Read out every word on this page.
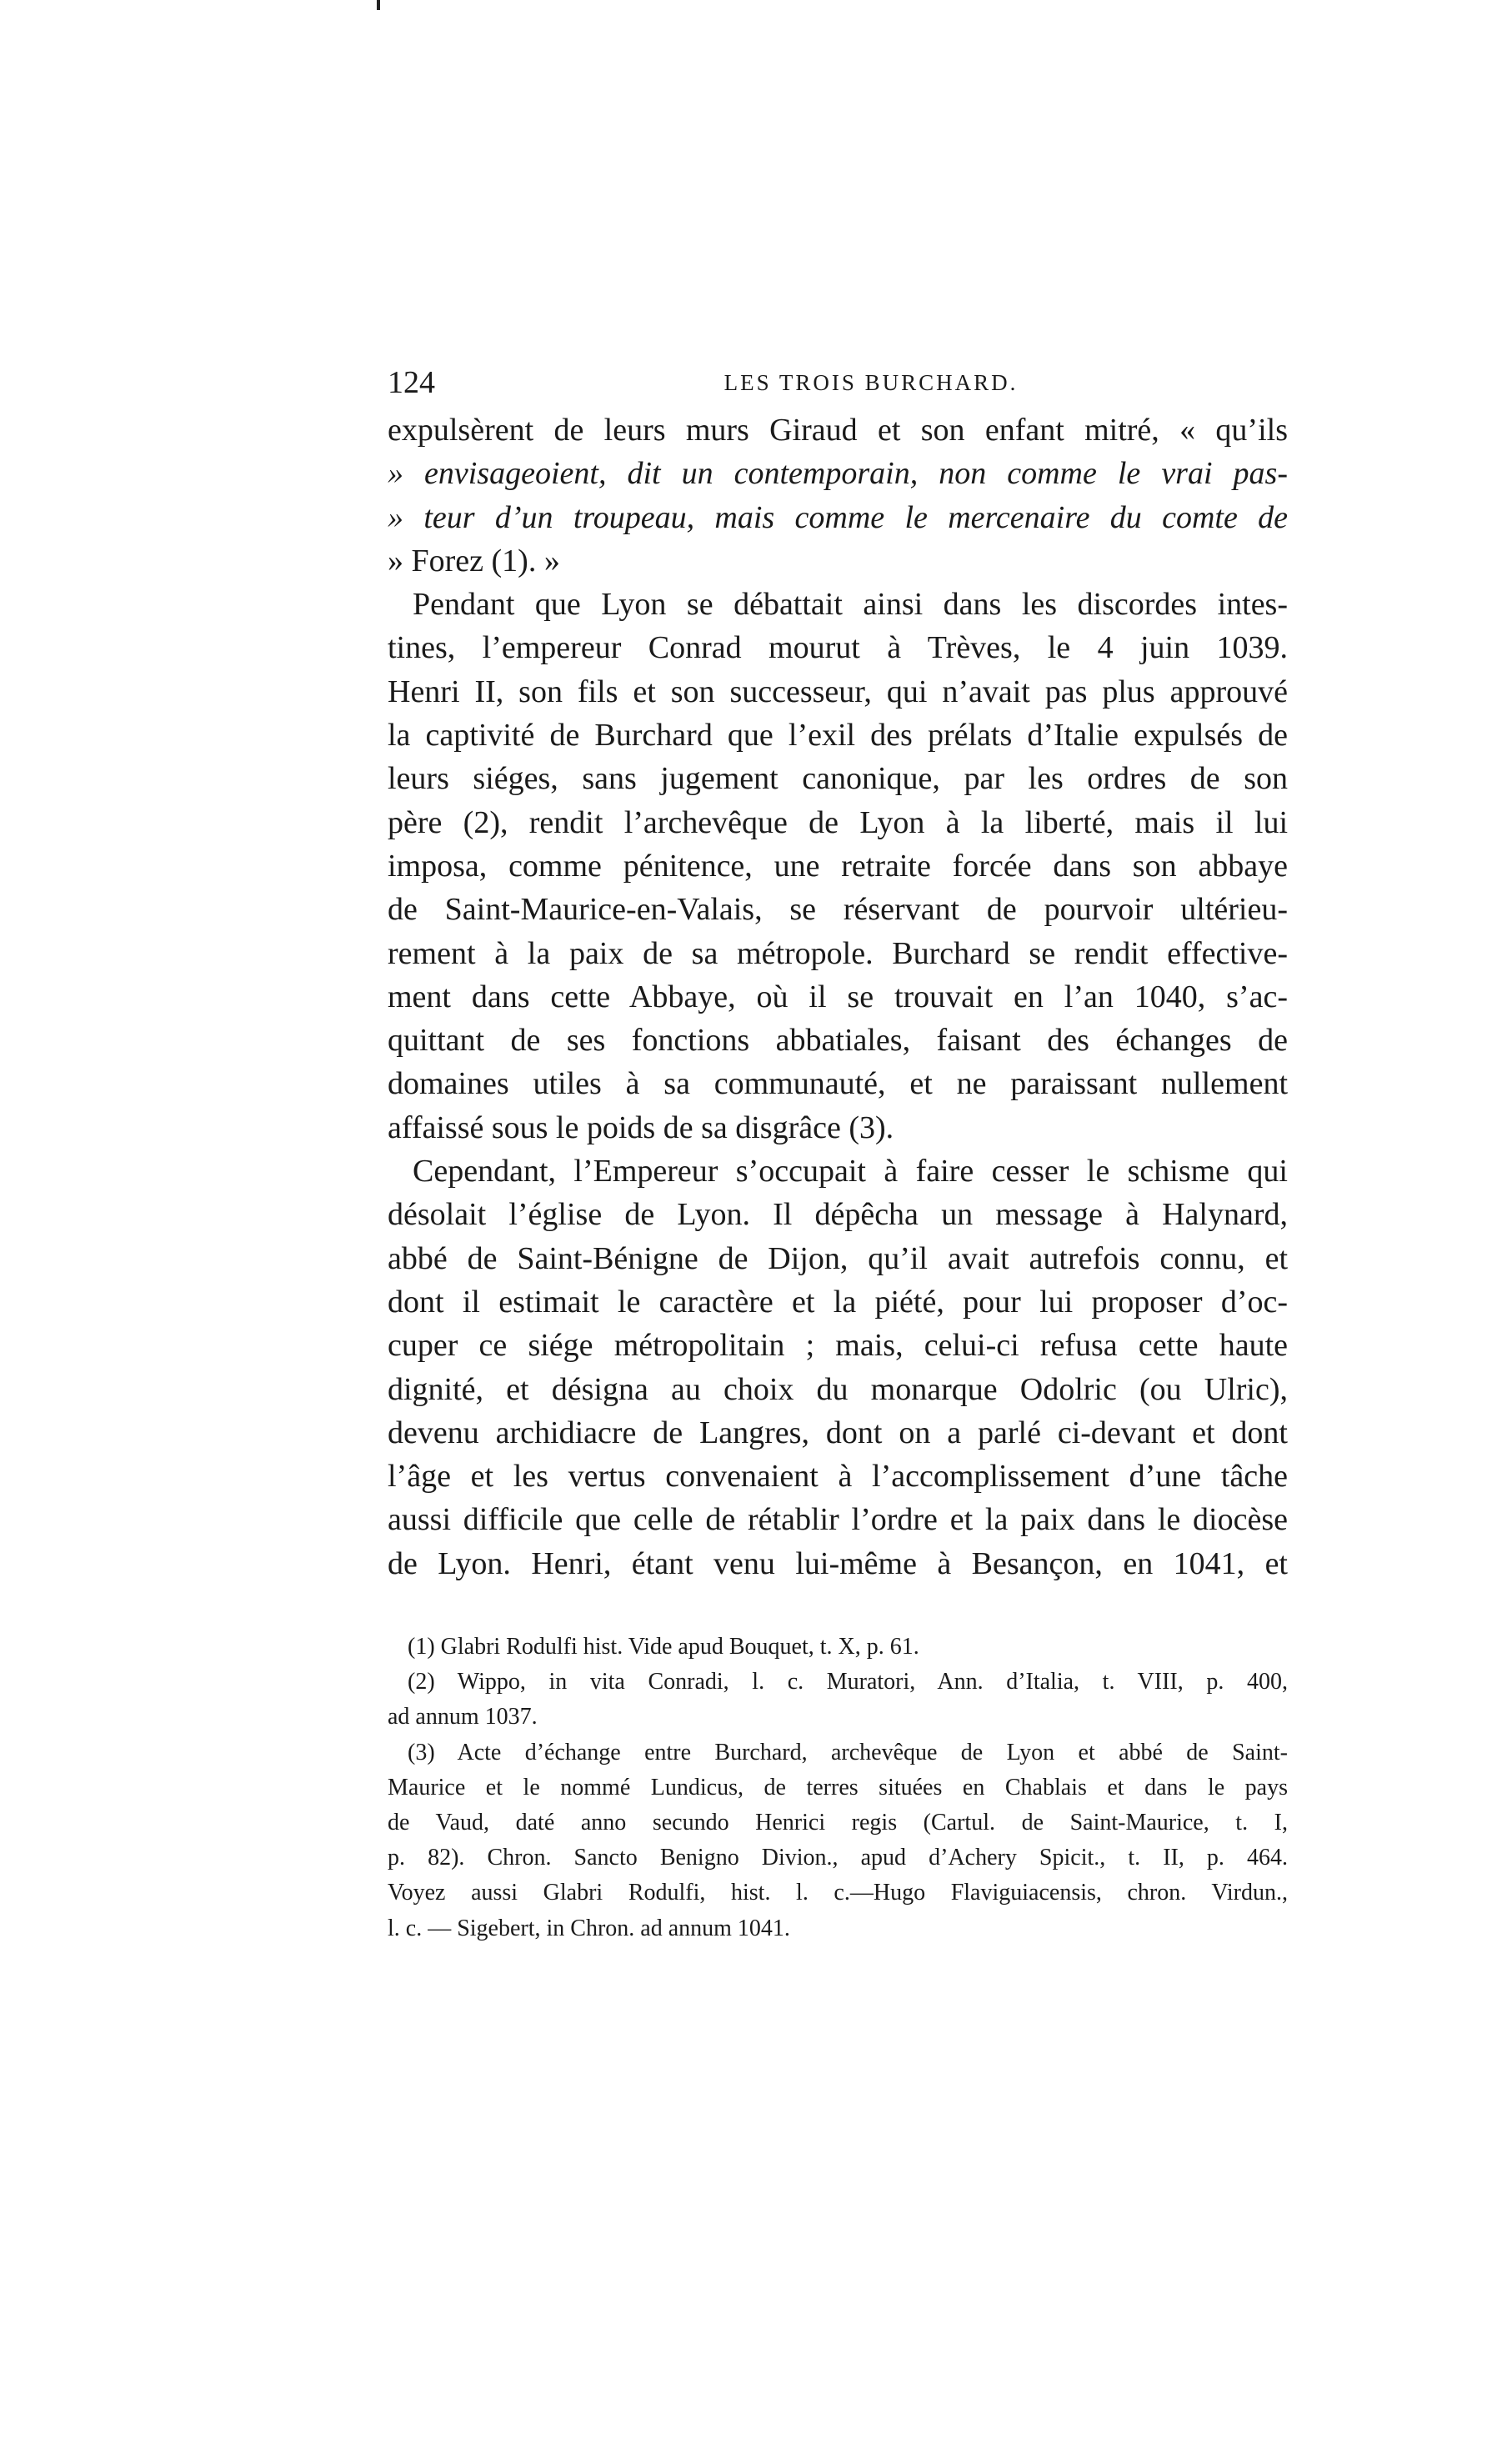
124	LES TROIS BURCHARD.
expulsèrent de leurs murs Giraud et son enfant mitré, « qu’ils
» envisageoient, dit un contemporain, non comme le vrai pas-
» teur d’un troupeau, mais comme le mercenaire du comte de
» Forez (1). »
Pendant que Lyon se débattait ainsi dans les discordes intes-
tines, l’empereur Conrad mourut à Trèves, le 4 juin 1039.
Henri II, son fils et son successeur, qui n’avait pas plus approuvé
la captivité de Burchard que l’exil des prélats d’Italie expulsés de
leurs siéges, sans jugement canonique, par les ordres de son
père (2), rendit l’archevêque de Lyon à la liberté, mais il lui
imposa, comme pénitence, une retraite forcée dans son abbaye
de Saint-Maurice-en-Valais, se réservant de pourvoir ultérieu-
rement à la paix de sa métropole. Burchard se rendit effective-
ment dans cette Abbaye, où il se trouvait en l’an 1040, s’ac-
quittant de ses fonctions abbatiales, faisant des échanges de
domaines utiles à sa communauté, et ne paraissant nullement
affaissé sous le poids de sa disgrâce (3).
Cependant, l’Empereur s’occupait à faire cesser le schisme qui
désolait l’église de Lyon. Il dépêcha un message à Halynard,
abbé de Saint-Bénigne de Dijon, qu’il avait autrefois connu, et
dont il estimait le caractère et la piété, pour lui proposer d’oc-
cuper ce siége métropolitain ; mais, celui-ci refusa cette haute
dignité, et désigna au choix du monarque Odolric (ou Ulric),
devenu archidiacre de Langres, dont on a parlé ci-devant et dont
l’âge et les vertus convenaient à l’accomplissement d’une tâche
aussi difficile que celle de rétablir l’ordre et la paix dans le diocèse
de Lyon. Henri, étant venu lui-même à Besançon, en 1041, et
(1) Glabri Rodulfi hist. Vide apud Bouquet, t. X, p. 61.
(2) Wippo, in vita Conradi, l. c. Muratori, Ann. d’Italia, t. VIII, p. 400,
ad annum 1037.
(3) Acte d’échange entre Burchard, archevêque de Lyon et abbé de Saint-
Maurice et le nommé Lundicus, de terres situées en Chablais et dans le pays
de Vaud, daté anno secundo Henrici regis (Cartul. de Saint-Maurice, t. I,
p. 82). Chron. Sancto Benigno Divion., apud d’Achery Spicit., t. II, p. 464.
Voyez aussi Glabri Rodulfi, hist. l. c.—Hugo Flaviguiacensis, chron. Virdun.,
l. c. — Sigebert, in Chron. ad annum 1041.
